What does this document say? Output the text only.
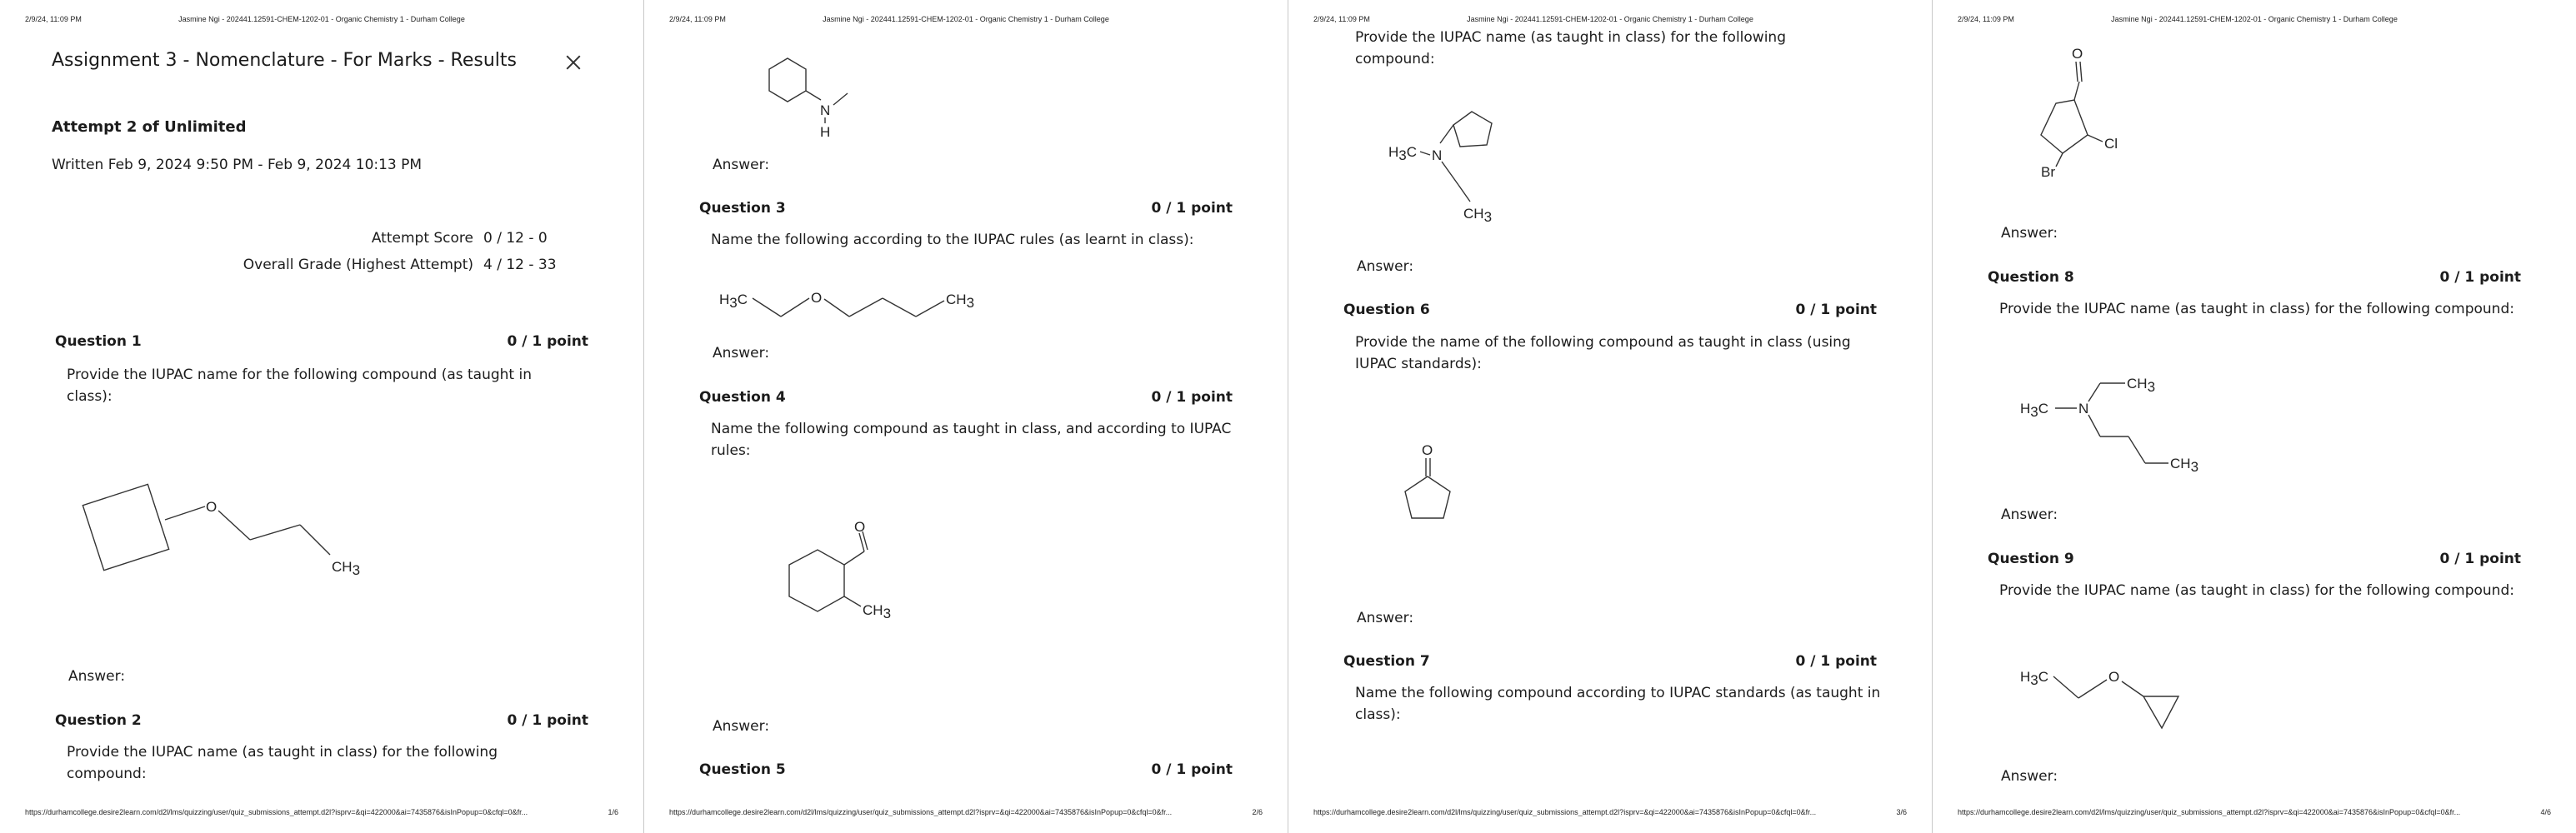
2/9/24, 11:09 PM	Jasmine Ngi - 202441.12591-CHEM-1202-01 - Organic Chemistry 1 - Durham College
Assignment 3 - Nomenclature - For Marks - Results
Attempt 2 of Unlimited
Written Feb 9, 2024 9:50 PM - Feb 9, 2024 10:13 PM
Attempt Score 0 / 12 - 0
Overall Grade (Highest Attempt) 4 / 12 - 33
Question 1	0 / 1 point
Provide the IUPAC name for the following compound (as taught in class):
O
CH3
Answer:
Question 2	0 / 1 point
Provide the IUPAC name (as taught in class) for the following compound:
https://durhamcollege.desire2learn.com/d2l/lms/quizzing/user/quiz_submissions_attempt.d2l?isprv=&qi=422000&ai=7435876&isInPopup=0&cfql=0&fr...	1/6
2/9/24, 11:09 PM	Jasmine Ngi - 202441.12591-CHEM-1202-01 - Organic Chemistry 1 - Durham College
N
H
Answer:
Question 3	0 / 1 point
Name the following according to the IUPAC rules (as learnt in class):
H3C	O	CH3
Answer:
Question 4	0 / 1 point
Name the following compound as taught in class, and according to IUPAC rules:
O
CH3
Answer:
Question 5	0 / 1 point
https://durhamcollege.desire2learn.com/d2l/lms/quizzing/user/quiz_submissions_attempt.d2l?isprv=&qi=422000&ai=7435876&isInPopup=0&cfql=0&fr...	2/6
2/9/24, 11:09 PM	Jasmine Ngi - 202441.12591-CHEM-1202-01 - Organic Chemistry 1 - Durham College
Provide the IUPAC name (as taught in class) for the following compound:
N
H3C
CH3
Answer:
Question 6	0 / 1 point
Provide the name of the following compound as taught in class (using IUPAC standards):
O
Answer:
Question 7	0 / 1 point
Name the following compound according to IUPAC standards (as taught in class):
https://durhamcollege.desire2learn.com/d2l/lms/quizzing/user/quiz_submissions_attempt.d2l?isprv=&qi=422000&ai=7435876&isInPopup=0&cfql=0&fr...	3/6
2/9/24, 11:09 PM	Jasmine Ngi - 202441.12591-CHEM-1202-01 - Organic Chemistry 1 - Durham College
O
Cl
Br
Answer:
Question 8	0 / 1 point
Provide the IUPAC name (as taught in class) for the following compound:
H3C N
CH3
CH3
Answer:
Question 9	0 / 1 point
Provide the IUPAC name (as taught in class) for the following compound:
H3C	O
Answer:
https://durhamcollege.desire2learn.com/d2l/lms/quizzing/user/quiz_submissions_attempt.d2l?isprv=&qi=422000&ai=7435876&isInPopup=0&cfql=0&fr...	4/6
